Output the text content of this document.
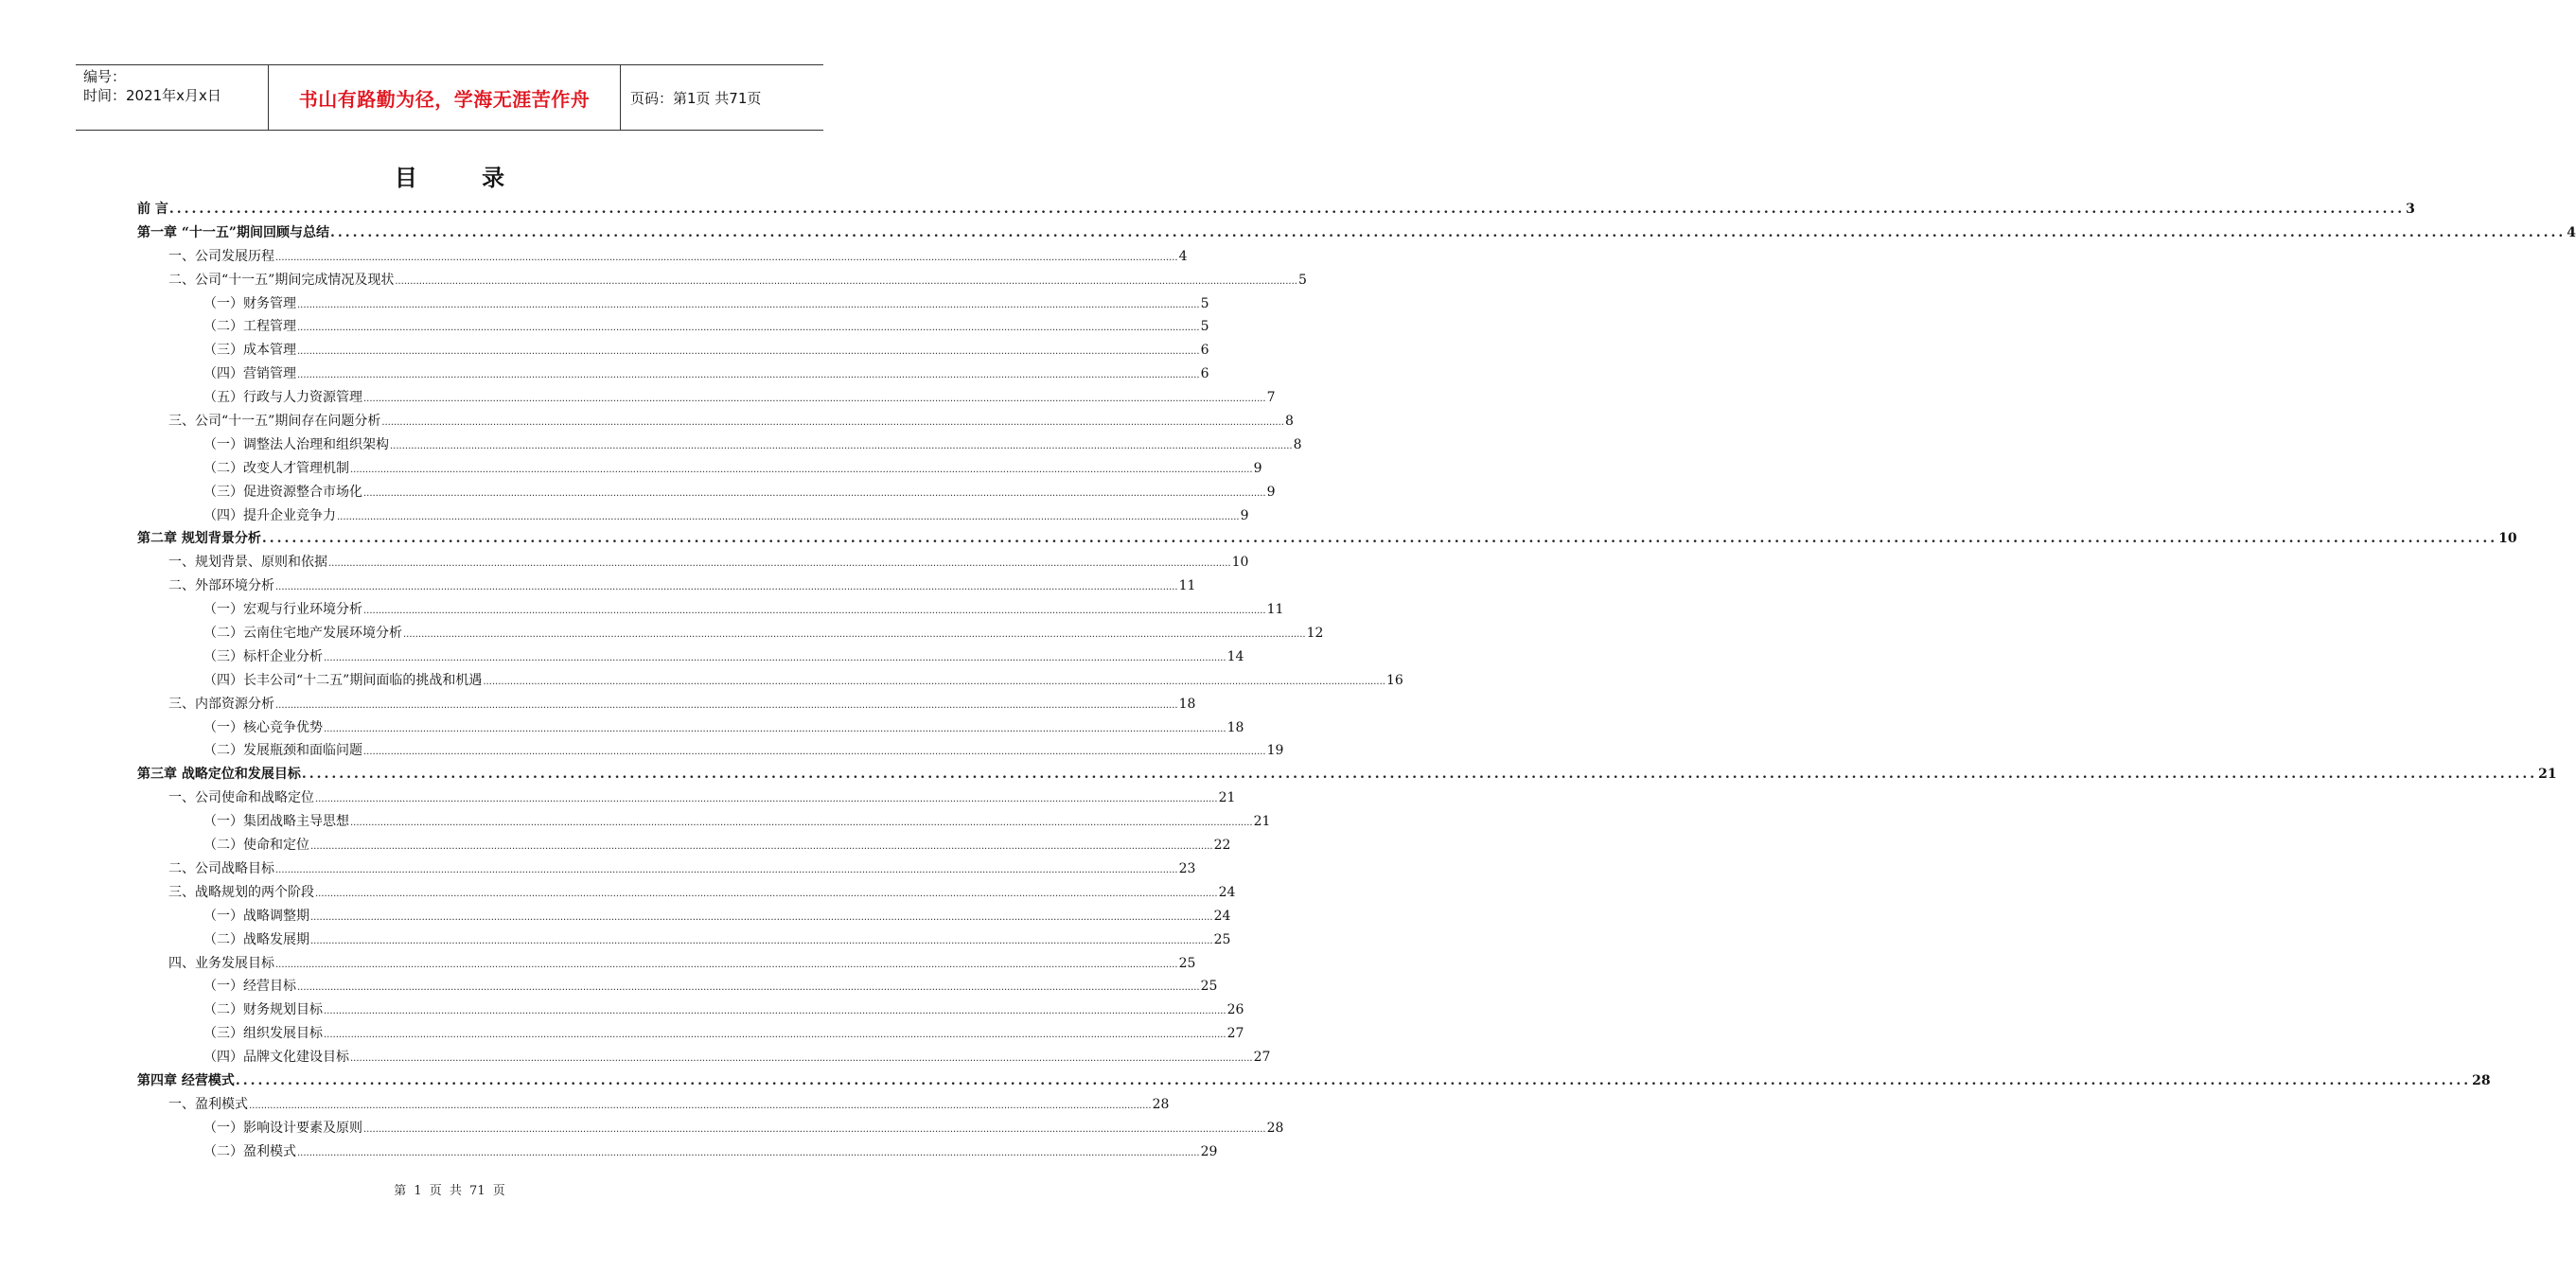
编号：
时间：2021年x月x日	书山有路勤为径，学海无涯苦作舟	页码：第1页 共71页
目 录
前 言 ............................................................................................................................................................................................................................................................................................................ 3
第一章 “十一五”期间回顾与总结 ............................................................................................................................................................................................................................................................................................................ 4
一、公司发展历程 ............................................................................................................................................................................................................................................................................................................ 4
二、公司“十一五”期间完成情况及现状 ............................................................................................................................................................................................................................................................................................................ 5
（一）财务管理 ............................................................................................................................................................................................................................................................................................................ 5
（二）工程管理 ............................................................................................................................................................................................................................................................................................................ 5
（三）成本管理 ............................................................................................................................................................................................................................................................................................................ 6
（四）营销管理 ............................................................................................................................................................................................................................................................................................................ 6
（五）行政与人力资源管理 ............................................................................................................................................................................................................................................................................................................ 7
三、公司“十一五”期间存在问题分析 ............................................................................................................................................................................................................................................................................................................ 8
（一）调整法人治理和组织架构 ............................................................................................................................................................................................................................................................................................................ 8
（二）改变人才管理机制 ............................................................................................................................................................................................................................................................................................................ 9
（三）促进资源整合市场化 ............................................................................................................................................................................................................................................................................................................ 9
（四）提升企业竞争力 ............................................................................................................................................................................................................................................................................................................ 9
第二章 规划背景分析 ............................................................................................................................................................................................................................................................................................................ 10
一、规划背景、原则和依据 ............................................................................................................................................................................................................................................................................................................ 10
二、外部环境分析 ............................................................................................................................................................................................................................................................................................................ 11
（一）宏观与行业环境分析 ............................................................................................................................................................................................................................................................................................................ 11
（二）云南住宅地产发展环境分析 ............................................................................................................................................................................................................................................................................................................ 12
（三）标杆企业分析 ............................................................................................................................................................................................................................................................................................................ 14
（四）长丰公司“十二五”期间面临的挑战和机遇 ............................................................................................................................................................................................................................................................................................................ 16
三、内部资源分析 ............................................................................................................................................................................................................................................................................................................ 18
（一）核心竞争优势 ............................................................................................................................................................................................................................................................................................................ 18
（二）发展瓶颈和面临问题 ............................................................................................................................................................................................................................................................................................................ 19
第三章 战略定位和发展目标 ............................................................................................................................................................................................................................................................................................................ 21
一、公司使命和战略定位 ............................................................................................................................................................................................................................................................................................................ 21
（一）集团战略主导思想 ............................................................................................................................................................................................................................................................................................................ 21
（二）使命和定位 ............................................................................................................................................................................................................................................................................................................ 22
二、公司战略目标 ............................................................................................................................................................................................................................................................................................................ 23
三、战略规划的两个阶段 ............................................................................................................................................................................................................................................................................................................ 24
（一）战略调整期 ............................................................................................................................................................................................................................................................................................................ 24
（二）战略发展期 ............................................................................................................................................................................................................................................................................................................ 25
四、业务发展目标 ............................................................................................................................................................................................................................................................................................................ 25
（一）经营目标 ............................................................................................................................................................................................................................................................................................................ 25
（二）财务规划目标 ............................................................................................................................................................................................................................................................................................................ 26
（三）组织发展目标 ............................................................................................................................................................................................................................................................................................................ 27
（四）品牌文化建设目标 ............................................................................................................................................................................................................................................................................................................ 27
第四章 经营模式 ............................................................................................................................................................................................................................................................................................................ 28
一、盈利模式 ............................................................................................................................................................................................................................................................................................................ 28
（一）影响设计要素及原则 ............................................................................................................................................................................................................................................................................................................ 28
（二）盈利模式 ............................................................................................................................................................................................................................................................................................................ 29
第 1 页 共 71 页
